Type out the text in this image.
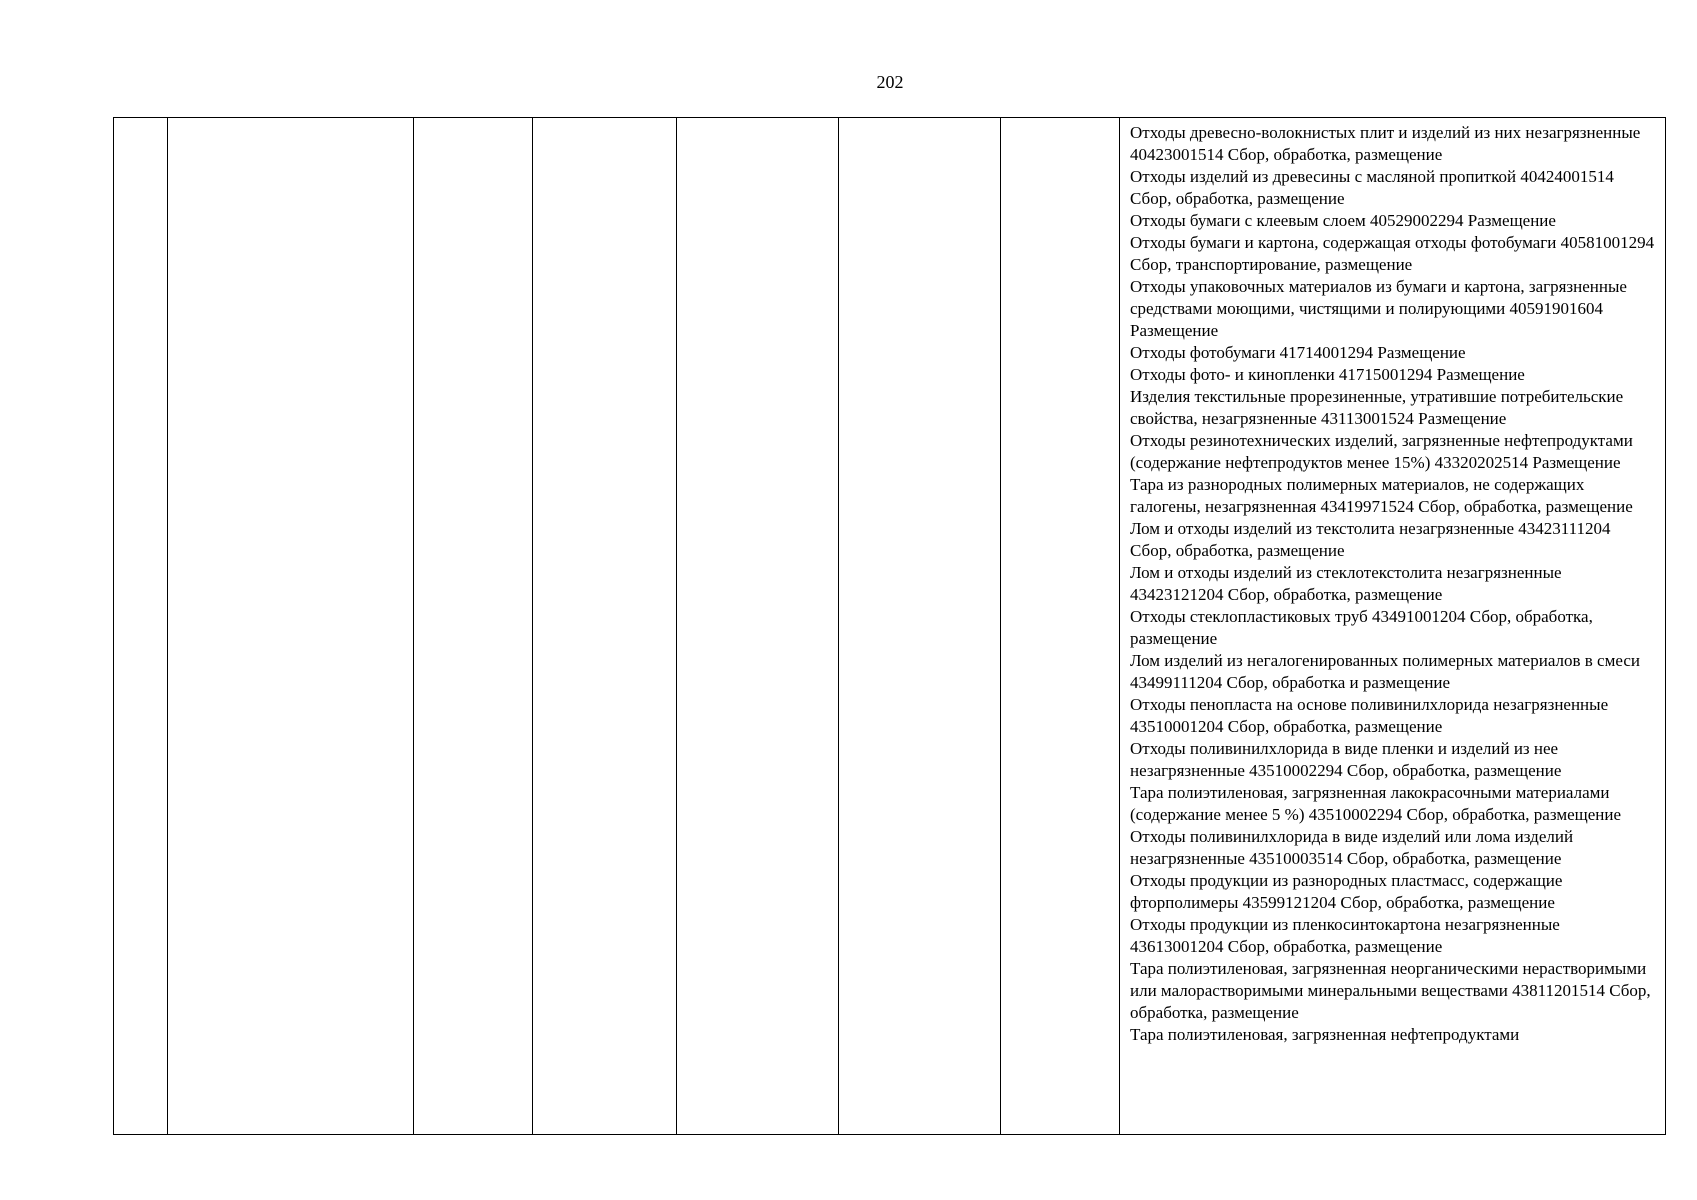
202

Отходы древесно-волокнистых плит и изделий из них незагрязненные 40423001514 Сбор, обработка, размещение
Отходы изделий из древесины с масляной пропиткой 40424001514 Сбор, обработка, размещение
Отходы бумаги с клеевым слоем 40529002294 Размещение
Отходы бумаги и картона, содержащая отходы фотобумаги 40581001294 Сбор, транспортирование, размещение
Отходы упаковочных материалов из бумаги и картона, загрязненные средствами моющими, чистящими и полирующими 40591901604 Размещение
Отходы фотобумаги 41714001294 Размещение
Отходы фото- и кинопленки 41715001294 Размещение
Изделия текстильные прорезиненные, утратившие потребительские свойства, незагрязненные 43113001524 Размещение
Отходы резинотехнических изделий, загрязненные нефтепродуктами (содержание нефтепродуктов менее 15%) 43320202514 Размещение
Тара из разнородных полимерных материалов, не содержащих галогены, незагрязненная 43419971524 Сбор, обработка, размещение
Лом и отходы изделий из текстолита незагрязненные 43423111204 Сбор, обработка, размещение
Лом и отходы изделий из стеклотекстолита незагрязненные 43423121204 Сбор, обработка, размещение
Отходы стеклопластиковых труб 43491001204 Сбор, обработка, размещение
Лом изделий из негалогенированных полимерных материалов в смеси 43499111204 Сбор, обработка и размещение
Отходы пенопласта на основе поливинилхлорида незагрязненные 43510001204 Сбор, обработка, размещение
Отходы поливинилхлорида в виде пленки и изделий из нее незагрязненные 43510002294 Сбор, обработка, размещение
Тара полиэтиленовая, загрязненная лакокрасочными материалами (содержание менее 5 %) 43510002294 Сбор, обработка, размещение
Отходы поливинилхлорида в виде изделий или лома изделий незагрязненные 43510003514 Сбор, обработка, размещение
Отходы продукции из разнородных пластмасс, содержащие фторполимеры 43599121204 Сбор, обработка, размещение
Отходы продукции из пленкосинтокартона незагрязненные 43613001204 Сбор, обработка, размещение
Тара полиэтиленовая, загрязненная неорганическими нерастворимыми или малорастворимыми минеральными веществами 43811201514 Сбор, обработка, размещение
Тара полиэтиленовая, загрязненная нефтепродуктами
